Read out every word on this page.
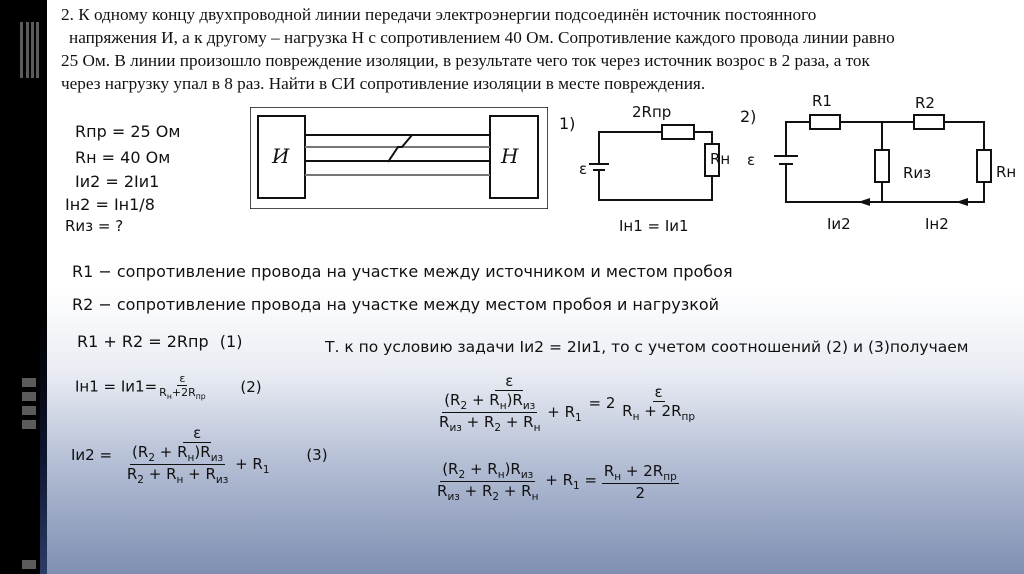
2. К одному концу двухпроводной линии передачи электроэнергии подсоединён источник постоянного
напряжения И, а к другому – нагрузка Н с сопротивлением 40 Ом. Сопротивление каждого провода линии равно
25 Ом. В линии произошло повреждение изоляции, в результате чего ток через источник возрос в 2 раза, а ток
через нагрузку упал в 8 раз. Найти в СИ сопротивление изоляции в месте повреждения.
Rпр = 25 Ом
Rн = 40 Ом
Iи2 = 2Iи1
Iн2 = Iн1/8
Rиз = ?
И	Н
1)
2Rпр
Rн
ε
Iн1 = Iи1
2)
R1	R2
Rиз	Rн
ε
Iи2	Iн2
R1 − сопротивление провода на участке между источником и местом пробоя
R2 − сопротивление провода на участке между местом пробоя и нагрузкой
R1 + R2 = 2Rпр (1)
$Iн1 = Iи1= \frac{\varepsilon}{R_н+2R_{пр}} (2)$
$Iи2 = \frac{\varepsilon}{\frac{(R_2 + R_н)R_{из}}{R_2 + R_н + R_{из}} + R_1} (3)$
Т. к по условию задачи Iи2 = 2Iи1, то с учетом соотношений (2) и (3)получаем
$\frac{\varepsilon}{\frac{(R_2 + R_н)R_{из}}{R_{из} + R_2 + R_н} + R_1} = 2 \frac{\varepsilon}{R_н + 2R_{пр}}$
$\frac{(R_2 + R_н)R_{из}}{R_{из} + R_2 + R_н} + R_1 = \frac{R_н + 2R_{пр}}{2}$
